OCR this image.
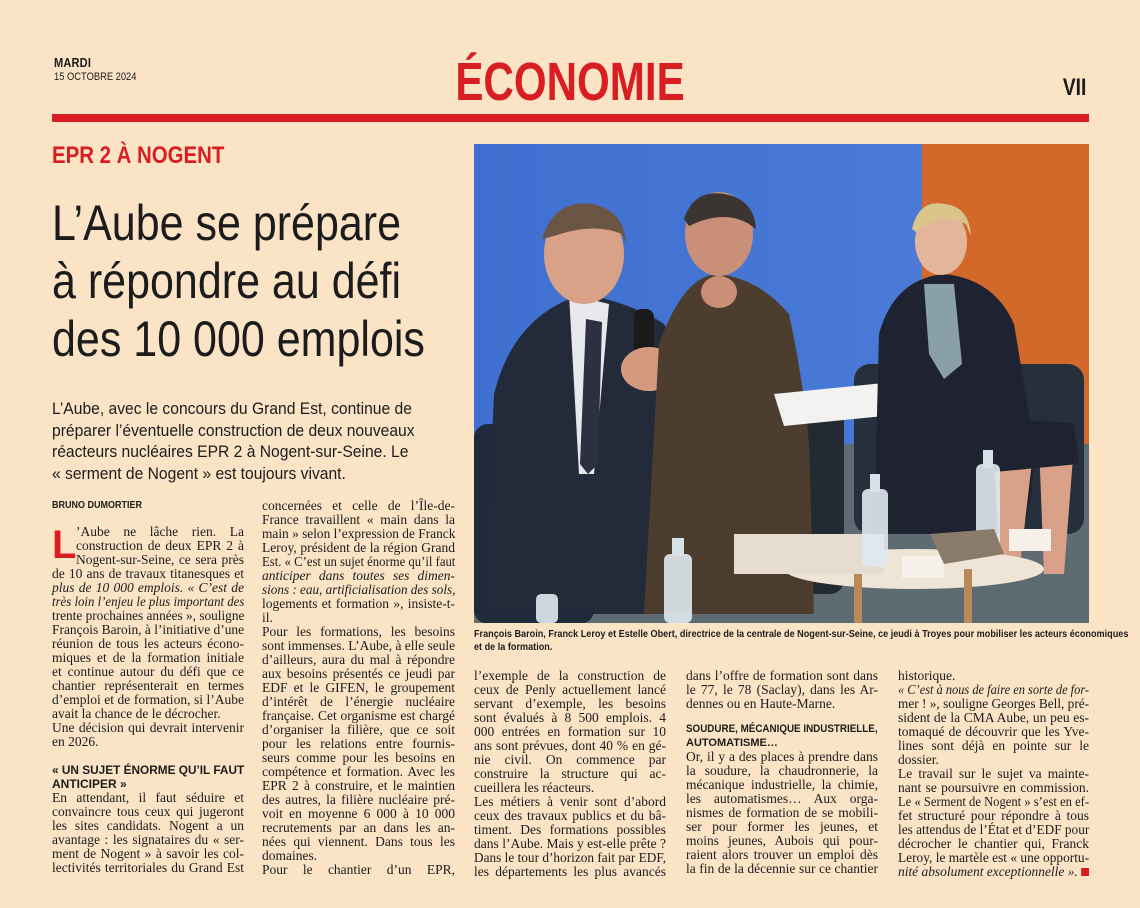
MARDI
15 OCTOBRE 2024	ÉCONOMIE	VII
EPR 2 À NOGENT
L’Aube se prépare
à répondre au défi
des 10 000 emplois
L’Aube, avec le concours du Grand Est, continue de
préparer l’éventuelle construction de deux nouveaux
réacteurs nucléaires EPR 2 à Nogent-sur-Seine. Le
« serment de Nogent » est toujours vivant.
BRUNO DUMORTIER
François Baroin, Franck Leroy et Estelle Obert, directrice de la centrale de Nogent-sur-Seine, ce jeudi à Troyes pour mobiliser les acteurs économiques
et de la formation.
L ’Aube ne lâche rien. La
construction de deux EPR 2 à
Nogent-sur-Seine, ce sera près
de 10 ans de travaux titanesques et
plus de 10 000 emplois. « C’est de
très loin l’enjeu le plus important des
trente prochaines années », souligne
François Baroin, à l’initiative d’une
réunion de tous les acteurs écono-
miques et de la formation initiale
et continue autour du défi que ce
chantier représenterait en termes
d’emploi et de formation, si l’Aube
avait la chance de le décrocher.
Une décision qui devrait intervenir
en 2026.
« UN SUJET ÉNORME QU’IL FAUT
ANTICIPER »
En attendant, il faut séduire et
convaincre tous ceux qui jugeront
les sites candidats. Nogent a un
avantage : les signataires du « ser-
ment de Nogent » à savoir les col-
lectivités territoriales du Grand Est
concernées et celle de l’Île-de-
France travaillent « main dans la
main » selon l’expression de Franck
Leroy, président de la région Grand
Est. « C’est un sujet énorme qu’il faut
anticiper dans toutes ses dimen-
sions : eau, artificialisation des sols,
logements et formation », insiste-t-
il.
Pour les formations, les besoins
sont immenses. L’Aube, à elle seule
d’ailleurs, aura du mal à répondre
aux besoins présentés ce jeudi par
EDF et le GIFEN, le groupement
d’intérêt de l’énergie nucléaire
française. Cet organisme est chargé
d’organiser la filière, que ce soit
pour les relations entre fournis-
seurs comme pour les besoins en
compétence et formation. Avec les
EPR 2 à construire, et le maintien
des autres, la filière nucléaire pré-
voit en moyenne 6 000 à 10 000
recrutements par an dans les an-
nées qui viennent. Dans tous les
domaines.
Pour le chantier d’un EPR,
l’exemple de la construction de
ceux de Penly actuellement lancé
servant d’exemple, les besoins
sont évalués à 8 500 emplois. 4
000 entrées en formation sur 10
ans sont prévues, dont 40 % en gé-
nie civil. On commence par
construire la structure qui ac-
cueillera les réacteurs.
Les métiers à venir sont d’abord
ceux des travaux publics et du bâ-
timent. Des formations possibles
dans l’Aube. Mais y est-elle prête ?
Dans le tour d’horizon fait par EDF,
les départements les plus avancés
dans l’offre de formation sont dans
le 77, le 78 (Saclay), dans les Ar-
dennes ou en Haute-Marne.
SOUDURE, MÉCANIQUE INDUSTRIELLE,
AUTOMATISME…
Or, il y a des places à prendre dans
la soudure, la chaudronnerie, la
mécanique industrielle, la chimie,
les automatismes… Aux orga-
nismes de formation de se mobili-
ser pour former les jeunes, et
moins jeunes, Aubois qui pour-
raient alors trouver un emploi dès
la fin de la décennie sur ce chantier
historique.
« C’est à nous de faire en sorte de for-
mer ! », souligne Georges Bell, pré-
sident de la CMA Aube, un peu es-
tomaqué de découvrir que les Yve-
lines sont déjà en pointe sur le
dossier.
Le travail sur le sujet va mainte-
nant se poursuivre en commission.
Le « Serment de Nogent » s’est en ef-
fet structuré pour répondre à tous
les attendus de l’État et d’EDF pour
décrocher le chantier qui, Franck
Leroy, le martèle est « une opportu-
nité absolument exceptionnelle ».
